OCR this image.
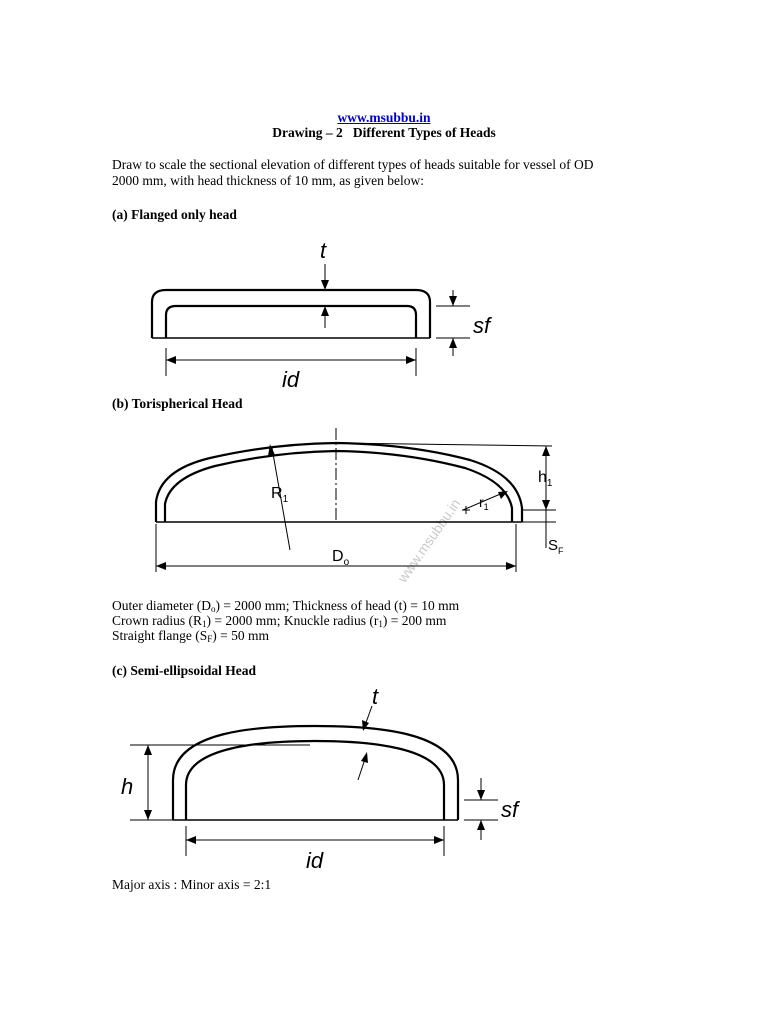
www.msubbu.in
Drawing – 2   Different Types of Heads
Draw to scale the sectional elevation of different types of heads suitable for vessel of OD
2000 mm, with head thickness of 10 mm, as given below:
(a) Flanged only head
t
sf
id
(b) Torispherical Head
www.msubbu.in
$h_1$
$S_F$
$R_1$	$r_1$
$D_o$
Outer diameter $(D_o) = 2000$ mm; Thickness of head (t) = 10 mm
Crown radius $(R_1) = 2000$ mm; Knuckle radius $(r_1) = 200$ mm
Straight flange $(S_F) = 50$ mm
(c) Semi-ellipsoidal Head
t
h
sf
id
Major axis : Minor axis = 2:1
